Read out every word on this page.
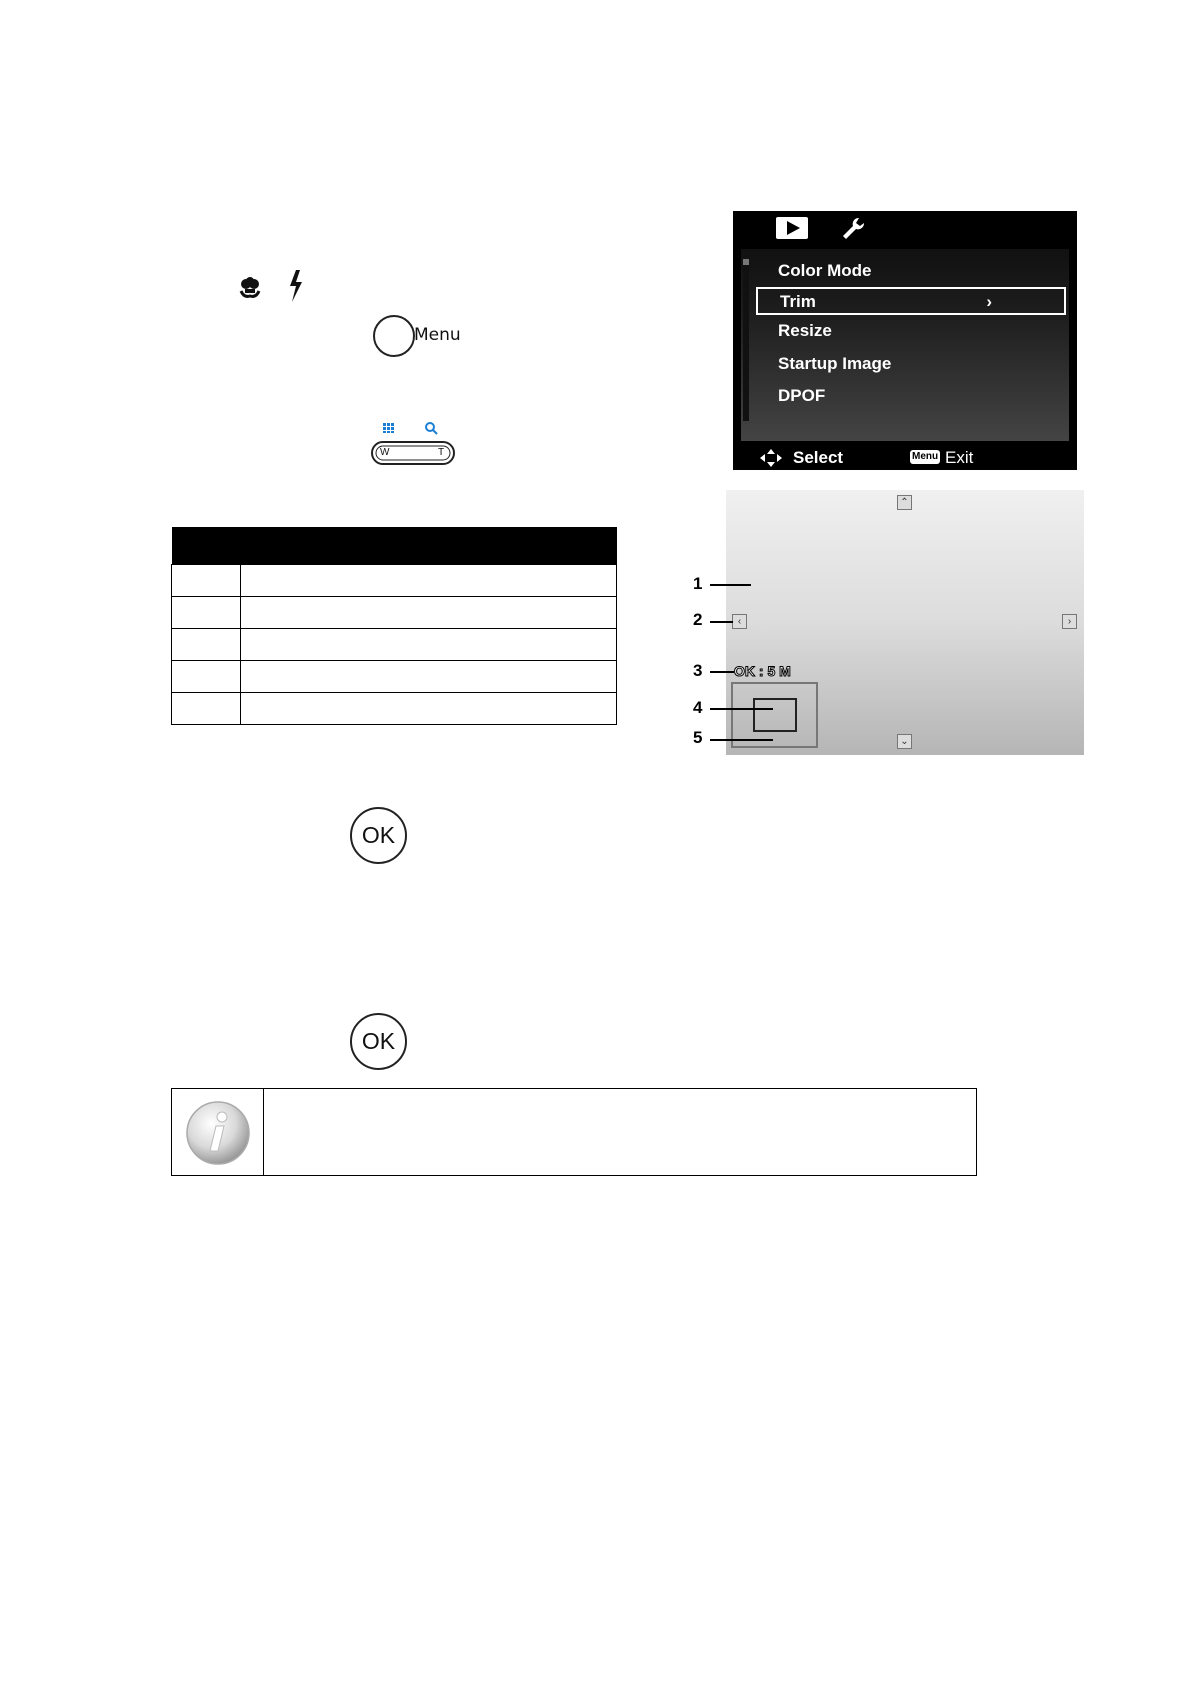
Menu
W	T

Color Mode
Trim	›
Resize
Startup Image
DPOF
Select	Menu Exit
⌃
‹	›
⌄
OK : 5 M
1
2
3
4
5
OK
OK
